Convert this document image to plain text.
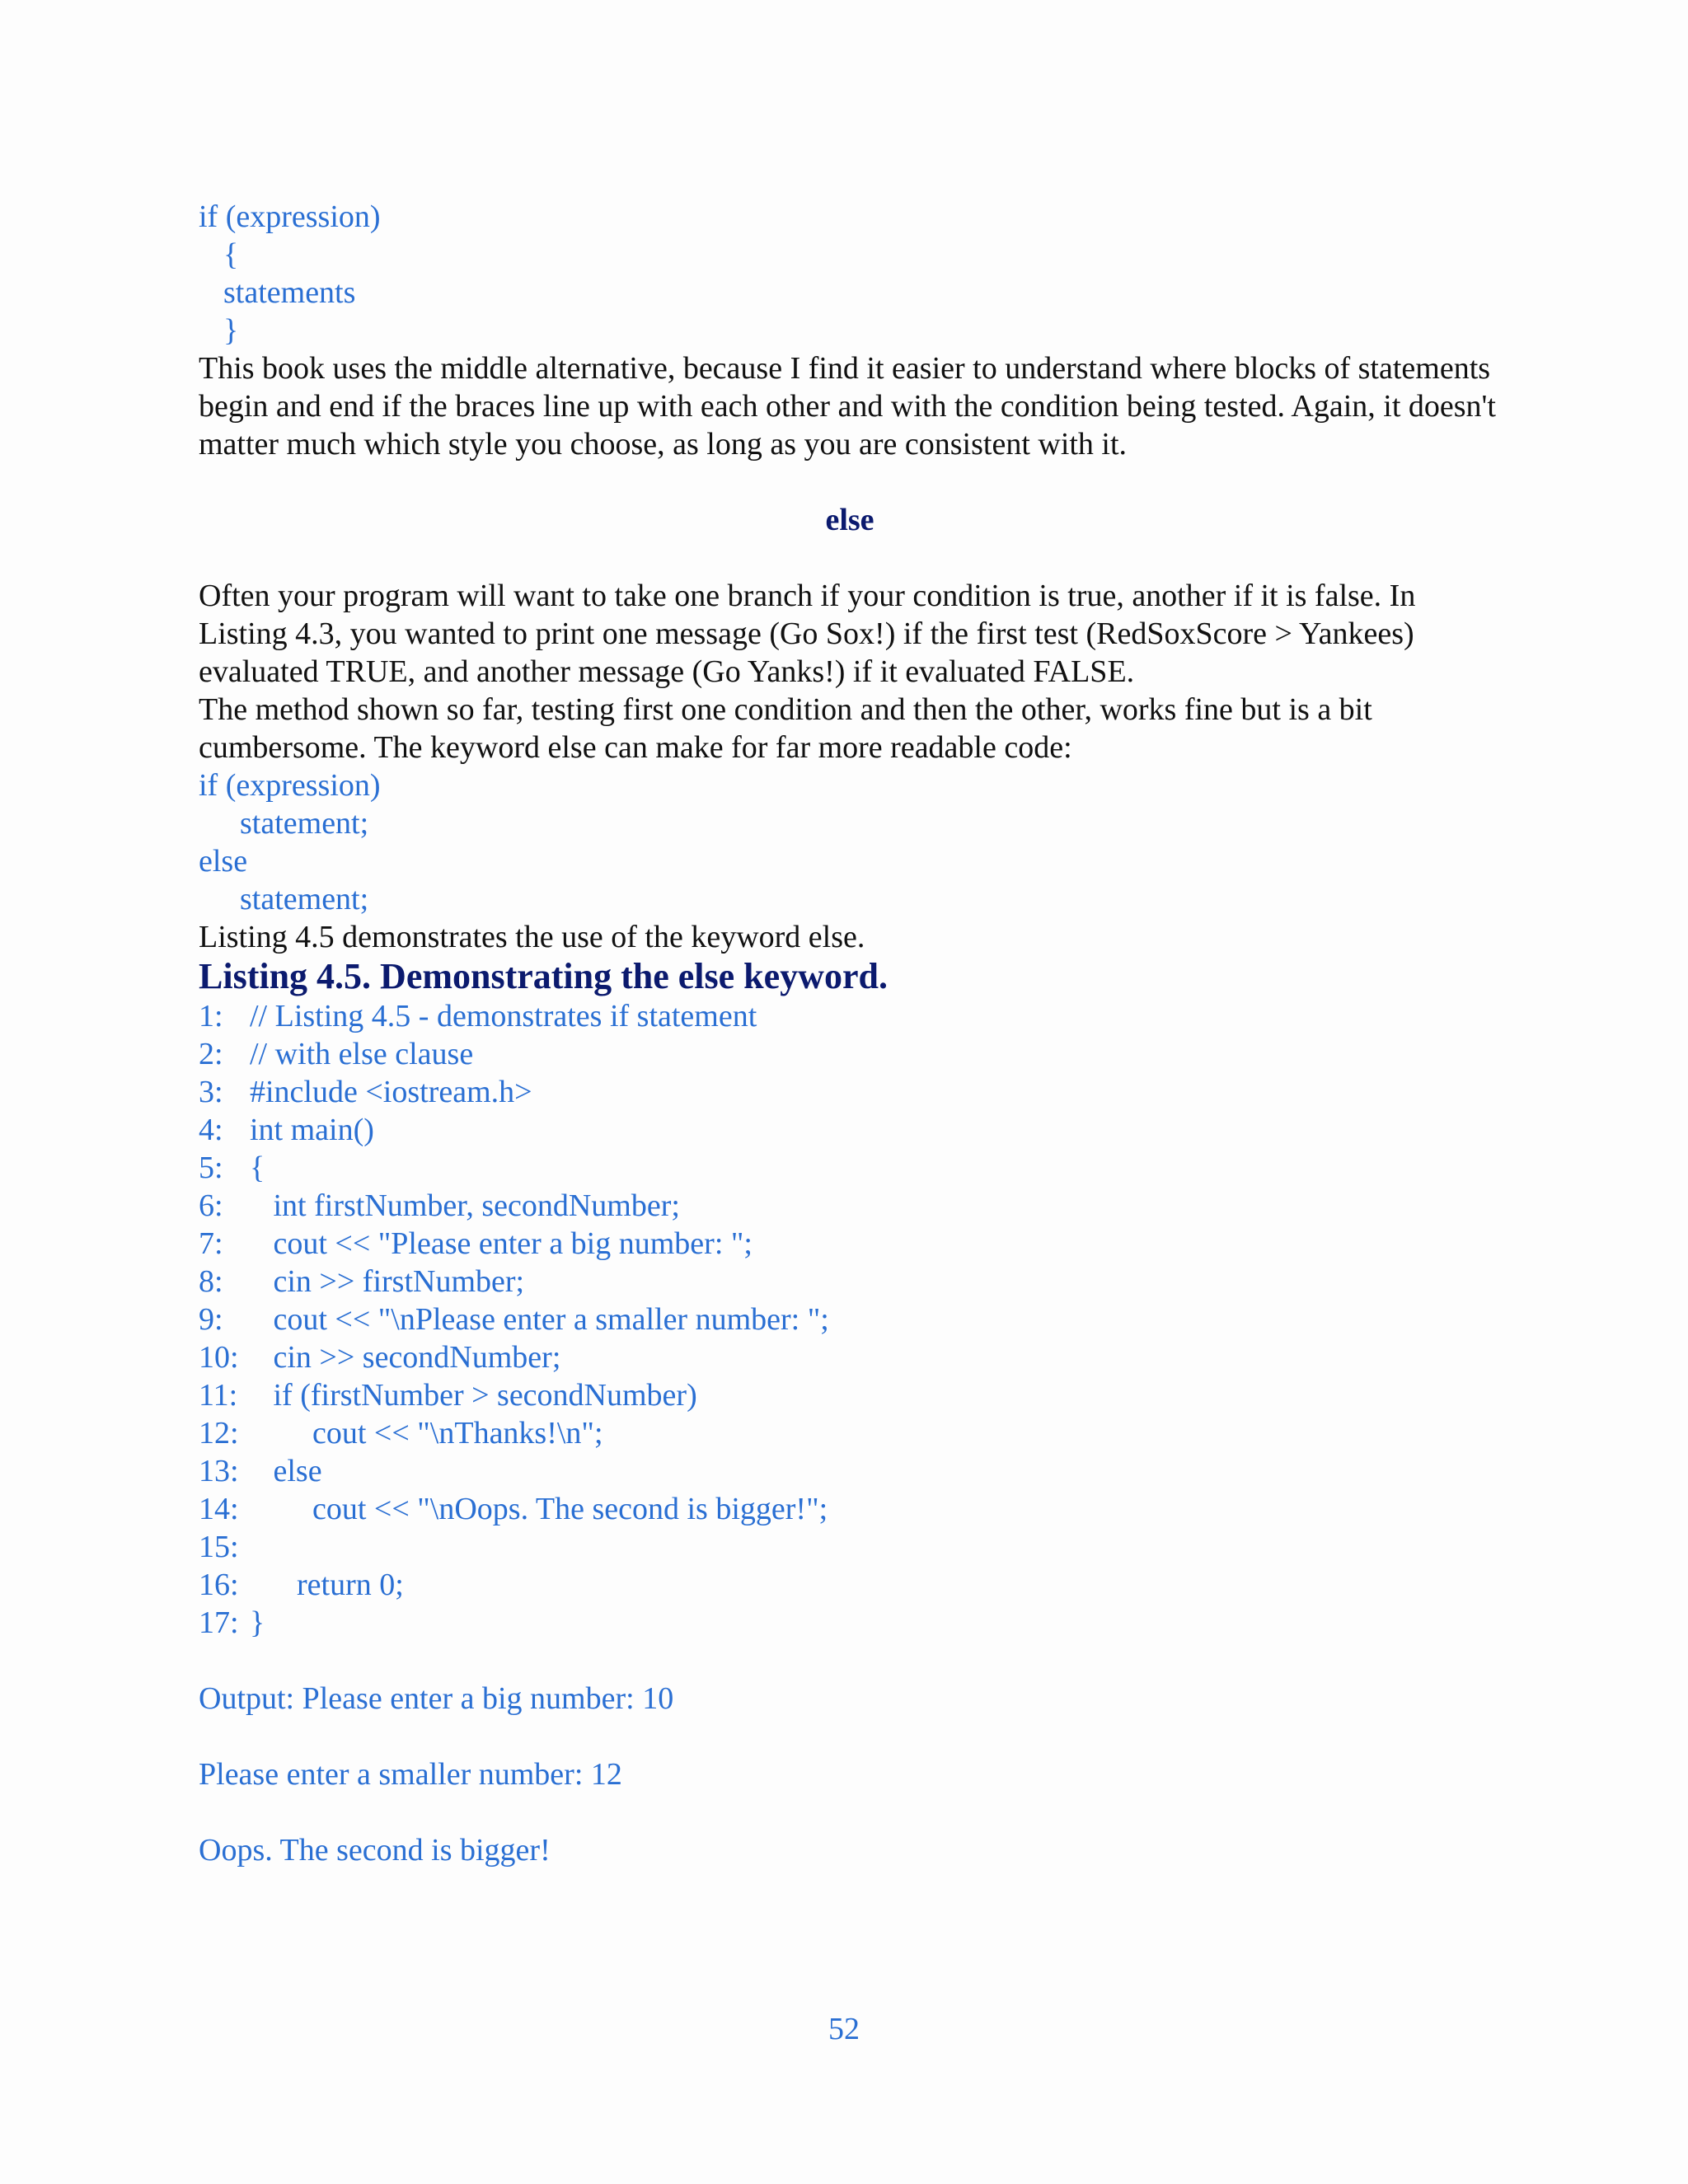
if (expression)
{
statements
}

This book uses the middle alternative, because I find it easier to understand where blocks of statements begin and end if the braces line up with each other and with the condition being tested. Again, it doesn't matter much which style you choose, as long as you are consistent with it.

else

Often your program will want to take one branch if your condition is true, another if it is false. In Listing 4.3, you wanted to print one message (Go Sox!) if the first test (RedSoxScore > Yankees) evaluated TRUE, and another message (Go Yanks!) if it evaluated FALSE.

The method shown so far, testing first one condition and then the other, works fine but is a bit cumbersome. The keyword else can make for far more readable code:

if (expression)
statement;
else
statement;

Listing 4.5 demonstrates the use of the keyword else.

Listing 4.5. Demonstrating the else keyword.
1: // Listing 4.5 - demonstrates if statement
2: // with else clause
3: #include <iostream.h>
4: int main()
5: {
6: int firstNumber, secondNumber;
7: cout << "Please enter a big number: ";
8: cin >> firstNumber;
9: cout << "\nPlease enter a smaller number: ";
10: cin >> secondNumber;
11: if (firstNumber > secondNumber)
12: cout << "\nThanks!\n";
13: else
14: cout << "\nOops. The second is bigger!";
15:
16: return 0;
17: }
Output: Please enter a big number: 10
Please enter a smaller number: 12
Oops. The second is bigger!
52
